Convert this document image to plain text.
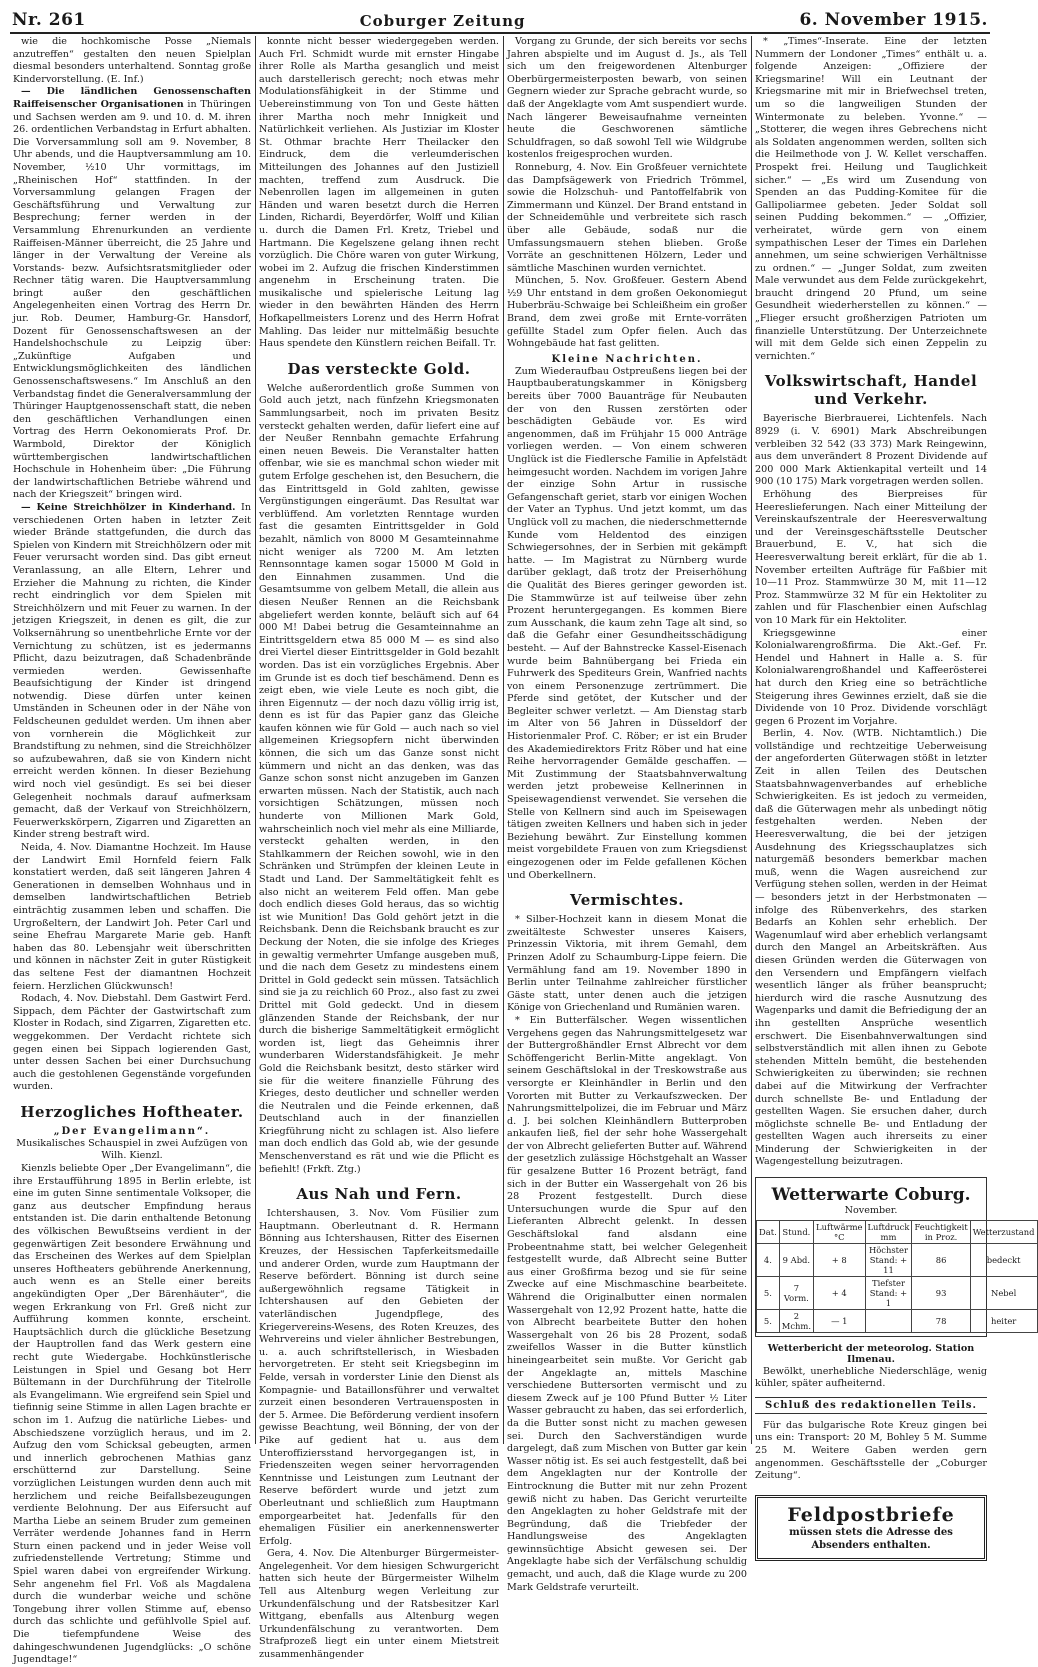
Nr. 261	Coburger Zeitung	6. November 1915.

wie die hochkomische Posse „Niemals anzutreffen“ gestalten den neuen Spielplan diesmal besonders unterhaltend. Sonntag große Kindervorstellung. (E. Inf.)

— Die ländlichen Genossenschaften Raiffeisenscher Organisationen in Thüringen und Sachsen werden am 9. und 10. d. M. ihren 26. ordentlichen Verbandstag in Erfurt abhalten. Die Vorversammlung soll am 9. November, 8 Uhr abends, und die Hauptversammlung am 10. November, ½10 Uhr vormittags, im „Rheinischen Hof“ stattfinden. In der Vorversammlung gelangen Fragen der Geschäftsführung und Verwaltung zur Besprechung; ferner werden in der Versammlung Ehrenurkunden an verdiente Raiffeisen-Männer überreicht, die 25 Jahre und länger in der Verwaltung der Vereine als Vorstands- bezw. Aufsichtsratsmitglieder oder Rechner tätig waren. Die Hauptversammlung bringt außer den geschäftlichen Angelegenheiten einen Vortrag des Herrn Dr. jur. Rob. Deumer, Hamburg-Gr. Hansdorf, Dozent für Genossenschaftswesen an der Handelshochschule zu Leipzig über: „Zukünftige Aufgaben und Entwicklungsmöglichkeiten des ländlichen Genossenschaftswesens.“ Im Anschluß an den Verbandstag findet die Generalversammlung der Thüringer Hauptgenossenschaft statt, die neben den geschäftlichen Verhandlungen einen Vortrag des Herrn Oekonomierats Prof. Dr. Warmbold, Direktor der Königlich württembergischen landwirtschaftlichen Hochschule in Hohenheim über: „Die Führung der landwirtschaftlichen Betriebe während und nach der Kriegszeit“ bringen wird.

— Keine Streichhölzer in Kinderhand. In verschiedenen Orten haben in letzter Zeit wieder Brände stattgefunden, die durch das Spielen von Kindern mit Streichhölzern oder mit Feuer verursacht worden sind. Das gibt erneut Veranlassung, an alle Eltern, Lehrer und Erzieher die Mahnung zu richten, die Kinder recht eindringlich vor dem Spielen mit Streichhölzern und mit Feuer zu warnen. In der jetzigen Kriegszeit, in denen es gilt, die zur Volksernährung so unentbehrliche Ernte vor der Vernichtung zu schützen, ist es jedermanns Pflicht, dazu beizutragen, daß Schadenbrände vermieden werden. Gewissenhafte Beaufsichtigung der Kinder ist dringend notwendig. Diese dürfen unter keinen Umständen in Scheunen oder in der Nähe von Feldscheunen geduldet werden. Um ihnen aber von vornherein die Möglichkeit zur Brandstiftung zu nehmen, sind die Streichhölzer so aufzubewahren, daß sie von Kindern nicht erreicht werden können. In dieser Beziehung wird noch viel gesündigt. Es sei bei dieser Gelegenheit nochmals darauf aufmerksam gemacht, daß der Verkauf von Streichhölzern, Feuerwerkskörpern, Zigarren und Zigaretten an Kinder streng bestraft wird.

Neida, 4. Nov. Diamantne Hochzeit. Im Hause der Landwirt Emil Hornfeld feiern Falk konstatiert werden, daß seit längeren Jahren 4 Generationen in demselben Wohnhaus und in demselben landwirtschaftlichen Betrieb einträchtig zusammen leben und schaffen. Die Urgroßeltern, der Landwirt Joh. Peter Carl und seine Ehefrau Margarete Marie geb. Hanft haben das 80. Lebensjahr weit überschritten und können in nächster Zeit in guter Rüstigkeit das seltene Fest der diamantnen Hochzeit feiern. Herzlichen Glückwunsch!

Rodach, 4. Nov. Diebstahl. Dem Gastwirt Ferd. Sippach, dem Pächter der Gastwirtschaft zum Kloster in Rodach, sind Zigarren, Zigaretten etc. weggekommen. Der Verdacht richtete sich gegen einen bei Sippach logierenden Gast, unter dessen Sachen bei einer Durchsuchung auch die gestohlenen Gegenstände vorgefunden wurden.

Herzogliches Hoftheater.
„Der Evangelimann“.
Musikalisches Schauspiel in zwei Aufzügen von Wilh. Kienzl.

Kienzls beliebte Oper „Der Evangelimann“, die ihre Erstaufführung 1895 in Berlin erlebte, ist eine im guten Sinne sentimentale Volksoper, die ganz aus deutscher Empfindung heraus entstanden ist. Die darin enthaltende Betonung des völkischen Bewußtseins verdient in der gegenwärtigen Zeit besondere Erwähnung und das Erscheinen des Werkes auf dem Spielplan unseres Hoftheaters gebührende Anerkennung, auch wenn es an Stelle einer bereits angekündigten Oper „Der Bärenhäuter“, die wegen Erkrankung von Frl. Greß nicht zur Aufführung kommen konnte, erscheint. Hauptsächlich durch die glückliche Besetzung der Hauptrollen fand das Werk gestern eine recht gute Wiedergabe. Hochkünstlerische Leistungen in Spiel und Gesang bot Herr Bültemann in der Durchführung der Titelrolle als Evangelimann. Wie ergreifend sein Spiel und tiefinnig seine Stimme in allen Lagen brachte er schon im 1. Aufzug die natürliche Liebes- und Abschiedszene vorzüglich heraus, und im 2. Aufzug den vom Schicksal gebeugten, armen und innerlich gebrochenen Mathias ganz erschütternd zur Darstellung. Seine vorzüglichen Leistungen wurden denn auch mit herzlichem und reiche Beifallsbezeugungen verdiente Belohnung. Der aus Eifersucht auf Martha Liebe an seinem Bruder zum gemeinen Verräter werdende Johannes fand in Herrn Sturn einen packend und in jeder Weise voll zufriedenstellende Vertretung; Stimme und Spiel waren dabei von ergreifender Wirkung. Sehr angenehm fiel Frl. Voß als Magdalena durch die wunderbar weiche und schöne Tongebung ihrer vollen Stimme auf, ebenso durch das schlichte und gefühlvolle Spiel auf. Die tiefempfundene Weise des dahingeschwundenen Jugendglücks: „O schöne Jugendtage!“

konnte nicht besser wiedergegeben werden. Auch Frl. Schmidt wurde mit ernster Hingabe ihrer Rolle als Martha gesanglich und meist auch darstellerisch gerecht; noch etwas mehr Modulationsfähigkeit in der Stimme und Uebereinstimmung von Ton und Geste hätten ihrer Martha noch mehr Innigkeit und Natürlichkeit verliehen. Als Justiziar im Kloster St. Othmar brachte Herr Theilacker den Eindruck, dem die verleumderischen Mitteilungen des Johannes auf den Justiziell machten, treffend zum Ausdruck. Die Nebenrollen lagen im allgemeinen in guten Händen und waren besetzt durch die Herren Linden, Richardi, Beyerdörfer, Wolff und Kilian u. durch die Damen Frl. Kretz, Triebel und Hartmann. Die Kegelszene gelang ihnen recht vorzüglich. Die Chöre waren von guter Wirkung, wobei im 2. Aufzug die frischen Kinderstimmen angenehm in Erscheinung traten. Die musikalische und spielerische Leitung lag wieder in den bewährten Händen des Herrn Hofkapellmeisters Lorenz und des Herrn Hofrat Mahling. Das leider nur mittelmäßig besuchte Haus spendete den Künstlern reichen Beifall. Tr.

Das versteckte Gold.

Welche außerordentlich große Summen von Gold auch jetzt, nach fünfzehn Kriegsmonaten Sammlungsarbeit, noch im privaten Besitz versteckt gehalten werden, dafür liefert eine auf der Neußer Rennbahn gemachte Erfahrung einen neuen Beweis. Die Veranstalter hatten offenbar, wie sie es manchmal schon wieder mit gutem Erfolge geschehen ist, den Besuchern, die das Eintrittsgeld in Gold zahlten, gewisse Vergünstigungen eingeräumt. Das Resultat war verblüffend. Am vorletzten Renntage wurden fast die gesamten Eintrittsgelder in Gold bezahlt, nämlich von 8000 M Gesamteinnahme nicht weniger als 7200 M. Am letzten Rennsonntage kamen sogar 15000 M Gold in den Einnahmen zusammen. Und die Gesamtsumme von gelbem Metall, die allein aus diesen Neußer Rennen an die Reichsbank abgeliefert werden konnte, beläuft sich auf 64 000 M! Dabei betrug die Gesamteinnahme an Eintrittsgeldern etwa 85 000 M — es sind also drei Viertel dieser Eintrittsgelder in Gold bezahlt worden. Das ist ein vorzügliches Ergebnis. Aber im Grunde ist es doch tief beschämend. Denn es zeigt eben, wie viele Leute es noch gibt, die ihren Eigennutz — der noch dazu völlig irrig ist, denn es ist für das Papier ganz das Gleiche kaufen können wie für Gold — auch nach so viel allgemeinen Kriegsopfern nicht überwinden können, die sich um das Ganze sonst nicht kümmern und nicht an das denken, was das Ganze schon sonst nicht anzugeben im Ganzen erwarten müssen. Nach der Statistik, auch nach vorsichtigen Schätzungen, müssen noch hunderte von Millionen Mark Gold, wahrscheinlich noch viel mehr als eine Milliarde, versteckt gehalten werden, in den Stahlkammern der Reichen sowohl, wie in den Schränken und Strümpfen der kleinen Leute in Stadt und Land. Der Sammeltätigkeit fehlt es also nicht an weiterem Feld offen. Man gebe doch endlich dieses Gold heraus, das so wichtig ist wie Munition! Das Gold gehört jetzt in die Reichsbank. Denn die Reichsbank braucht es zur Deckung der Noten, die sie infolge des Krieges in gewaltig vermehrter Umfange ausgeben muß, und die nach dem Gesetz zu mindestens einem Drittel in Gold gedeckt sein müssen. Tatsächlich sind sie ja zu reichlich 60 Proz., also fast zu zwei Drittel mit Gold gedeckt. Und in diesem glänzenden Stande der Reichsbank, der nur durch die bisherige Sammeltätigkeit ermöglicht worden ist, liegt das Geheimnis ihrer wunderbaren Widerstandsfähigkeit. Je mehr Gold die Reichsbank besitzt, desto stärker wird sie für die weitere finanzielle Führung des Krieges, desto deutlicher und schneller werden die Neutralen und die Feinde erkennen, daß Deutschland auch in der finanziellen Kriegführung nicht zu schlagen ist. Also liefere man doch endlich das Gold ab, wie der gesunde Menschenverstand es rät und wie die Pflicht es befiehlt! (Frkft. Ztg.)

Aus Nah und Fern.

Ichtershausen, 3. Nov. Vom Füsilier zum Hauptmann. Oberleutnant d. R. Hermann Bönning aus Ichtershausen, Ritter des Eisernen Kreuzes, der Hessischen Tapferkeitsmedaille und anderer Orden, wurde zum Hauptmann der Reserve befördert. Bönning ist durch seine außergewöhnlich regsame Tätigkeit in Ichtershausen auf den Gebieten der vaterländischen Jugendpflege, des Kriegervereins-Wesens, des Roten Kreuzes, des Wehrvereins und vieler ähnlicher Bestrebungen, u. a. auch schriftstellerisch, in Wiesbaden hervorgetreten. Er steht seit Kriegsbeginn im Felde, versah in vorderster Linie den Dienst als Kompagnie- und Bataillonsführer und verwaltet zurzeit einen besonderen Vertrauensposten in der 5. Armee. Die Beförderung verdient insofern gewisse Beachtung, weil Bönning, der von der Pike auf gedient hat u. aus dem Unteroffiziersstand hervorgegangen ist, in Friedenszeiten wegen seiner hervorragenden Kenntnisse und Leistungen zum Leutnant der Reserve befördert wurde und jetzt zum Oberleutnant und schließlich zum Hauptmann emporgearbeitet hat. Jedenfalls für den ehemaligen Füsilier ein anerkennenswerter Erfolg.

Gera, 4. Nov. Die Altenburger Bürgermeister-Angelegenheit. Vor dem hiesigen Schwurgericht hatten sich heute der Bürgermeister Wilhelm Tell aus Altenburg wegen Verleitung zur Urkundenfälschung und der Ratsbesitzer Karl Wittgang, ebenfalls aus Altenburg wegen Urkundenfälschung zu verantworten. Dem Strafprozeß liegt ein unter einem Mietstreit zusammenhängender

Vorgang zu Grunde, der sich bereits vor sechs Jahren abspielte und im August d. Js., als Tell sich um den freigewordenen Altenburger Oberbürgermeisterposten bewarb, von seinen Gegnern wieder zur Sprache gebracht wurde, so daß der Angeklagte vom Amt suspendiert wurde. Nach längerer Beweisaufnahme verneinten heute die Geschworenen sämtliche Schuldfragen, so daß sowohl Tell wie Wildgrube kostenlos freigesprochen wurden.

Ronneburg, 4. Nov. Ein Großfeuer vernichtete das Dampfsägewerk von Friedrich Trömmel, sowie die Holzschuh- und Pantoffelfabrik von Zimmermann und Künzel. Der Brand entstand in der Schneidemühle und verbreitete sich rasch über alle Gebäude, sodaß nur die Umfassungsmauern stehen blieben. Große Vorräte an geschnittenen Hölzern, Leder und sämtliche Maschinen wurden vernichtet.

München, 5. Nov. Großfeuer. Gestern Abend ½9 Uhr entstand in dem großen Oekonomiegut Huberbräu-Schwaige bei Schleißheim ein großer Brand, dem zwei große mit Ernte-vorräten gefüllte Stadel zum Opfer fielen. Auch das Wohngebäude hat fast gelitten.

Kleine Nachrichten.

Zum Wiederaufbau Ostpreußens liegen bei der Hauptbauberatungskammer in Königsberg bereits über 7000 Bauanträge für Neubauten der von den Russen zerstörten oder beschädigten Gebäude vor. Es wird angenommen, daß im Frühjahr 15 000 Anträge vorliegen werden. — Von einem schweren Unglück ist die Fiedlersche Familie in Apfelstädt heimgesucht worden. Nachdem im vorigen Jahre der einzige Sohn Artur in russische Gefangenschaft geriet, starb vor einigen Wochen der Vater an Typhus. Und jetzt kommt, um das Unglück voll zu machen, die niederschmetternde Kunde vom Heldentod des einzigen Schwiegersohnes, der in Serbien mit gekämpft hatte. — Im Magistrat zu Nürnberg wurde darüber geklagt, daß trotz der Preiserhöhung die Qualität des Bieres geringer geworden ist. Die Stammwürze ist auf teilweise über zehn Prozent heruntergegangen. Es kommen Biere zum Ausschank, die kaum zehn Tage alt sind, so daß die Gefahr einer Gesundheitsschädigung besteht. — Auf der Bahnstrecke Kassel-Eisenach wurde beim Bahnübergang bei Frieda ein Fuhrwerk des Spediteurs Grein, Wanfried nachts von einem Personenzuge zertrümmert. Die Pferde sind getötet, der Kutscher und der Begleiter schwer verletzt. — Am Dienstag starb im Alter von 56 Jahren in Düsseldorf der Historienmaler Prof. C. Röber; er ist ein Bruder des Akademiedirektors Fritz Röber und hat eine Reihe hervorragender Gemälde geschaffen. — Mit Zustimmung der Staatsbahnverwaltung werden jetzt probeweise Kellnerinnen in Speisewagendienst verwendet. Sie versehen die Stelle von Kellnern sind auch im Speisewagen tätigen zweiten Kellners und haben sich in jeder Beziehung bewährt. Zur Einstellung kommen meist vorgebildete Frauen von zum Kriegsdienst eingezogenen oder im Felde gefallenen Köchen und Oberkellnern.

Vermischtes.

* Silber-Hochzeit kann in diesem Monat die zweitälteste Schwester unseres Kaisers, Prinzessin Viktoria, mit ihrem Gemahl, dem Prinzen Adolf zu Schaumburg-Lippe feiern. Die Vermählung fand am 19. November 1890 in Berlin unter Teilnahme zahlreicher fürstlicher Gäste statt, unter denen auch die jetzigen Könige von Griechenland und Rumänien waren.

* Ein Butterfälscher. Wegen wissentlichen Vergehens gegen das Nahrungsmittelgesetz war der Buttergroßhändler Ernst Albrecht vor dem Schöffengericht Berlin-Mitte angeklagt. Von seinem Geschäftslokal in der Treskowstraße aus versorgte er Kleinhändler in Berlin und den Vororten mit Butter zu Verkaufszwecken. Der Nahrungsmittelpolizei, die im Februar und März d. J. bei solchen Kleinhändlern Butterproben ankaufen ließ, fiel der sehr hohe Wassergehalt der von Albrecht gelieferten Butter auf. Während der gesetzlich zulässige Höchstgehalt an Wasser für gesalzene Butter 16 Prozent beträgt, fand sich in der Butter ein Wassergehalt von 26 bis 28 Prozent festgestellt. Durch diese Untersuchungen wurde die Spur auf den Lieferanten Albrecht gelenkt. In dessen Geschäftslokal fand alsdann eine Probeentnahme statt, bei welcher Gelegenheit festgestellt wurde, daß Albrecht seine Butter aus einer Großfirma bezog und sie für seine Zwecke auf eine Mischmaschine bearbeitete. Während die Originalbutter einen normalen Wassergehalt von 12,92 Prozent hatte, hatte die von Albrecht bearbeitete Butter den hohen Wassergehalt von 26 bis 28 Prozent, sodaß zweifellos Wasser in die Butter künstlich hineingearbeitet sein mußte. Vor Gericht gab der Angeklagte an, mittels Maschine verschiedene Buttersorten vermischt und zu diesem Zweck auf je 100 Pfund Butter ½ Liter Wasser gebraucht zu haben, das sei erforderlich, da die Butter sonst nicht zu machen gewesen sei. Durch den Sachverständigen wurde dargelegt, daß zum Mischen von Butter gar kein Wasser nötig ist. Es sei auch festgestellt, daß bei dem Angeklagten nur der Kontrolle der Eintrocknung die Butter mit nur zehn Prozent gewiß nicht zu haben. Das Gericht verurteilte den Angeklagten zu hoher Geldstrafe mit der Begründung, daß die Triebfeder der Handlungsweise des Angeklagten gewinnsüchtige Absicht gewesen sei. Der Angeklagte habe sich der Verfälschung schuldig gemacht, und auch, daß die Klage wurde zu 200 Mark Geldstrafe verurteilt.

* „Times“-Inserate. Eine der letzten Nummern der Londoner „Times“ enthält u. a. folgende Anzeigen: „Offiziere der Kriegsmarine! Will ein Leutnant der Kriegsmarine mit mir in Briefwechsel treten, um so die langweiligen Stunden der Wintermonate zu beleben. Yvonne.“ — „Stotterer, die wegen ihres Gebrechens nicht als Soldaten angenommen werden, sollten sich die Heilmethode von J. W. Kellet verschaffen. Prospekt frei. Heilung und Tauglichkeit sicher.“ — „Es wird um Zusendung von Spenden an das Pudding-Komitee für die Gallipoliarmee gebeten. Jeder Soldat soll seinen Pudding bekommen.“ — „Offizier, verheiratet, würde gern von einem sympathischen Leser der Times ein Darlehen annehmen, um seine schwierigen Verhältnisse zu ordnen.“ — „Junger Soldat, zum zweiten Male verwundet aus dem Felde zurückgekehrt, braucht dringend 20 Pfund, um seine Gesundheit wiederherstellen zu können.“ — „Flieger ersucht großherzigen Patrioten um finanzielle Unterstützung. Der Unterzeichnete will mit dem Gelde sich einen Zeppelin zu vernichten.“

Volkswirtschaft, Handel und Verkehr.

Bayerische Bierbrauerei, Lichtenfels. Nach 8929 (i. V. 6901) Mark Abschreibungen verbleiben 32 542 (33 373) Mark Reingewinn, aus dem unverändert 8 Prozent Dividende auf 200 000 Mark Aktienkapital verteilt und 14 900 (10 175) Mark vorgetragen werden sollen.

Erhöhung des Bierpreises für Heereslieferungen. Nach einer Mitteilung der Vereinskaufszentrale der Heeresverwaltung und der Vereinsgeschäftsstelle Deutscher Brauerbund, E. V., hat sich die Heeresverwaltung bereit erklärt, für die ab 1. November erteilten Aufträge für Faßbier mit 10—11 Proz. Stammwürze 30 M, mit 11—12 Proz. Stammwürze 32 M für ein Hektoliter zu zahlen und für Flaschenbier einen Aufschlag von 10 Mark für ein Hektoliter.

Kriegsgewinne einer Kolonialwarengroßfirma. Die Akt.-Gef. Fr. Hendel und Hahnert in Halle a. S. für Kolonialwarengroßhandel und Kaffeerösterei hat durch den Krieg eine so beträchtliche Steigerung ihres Gewinnes erzielt, daß sie die Dividende von 10 Proz. Dividende vorschlägt gegen 6 Prozent im Vorjahre.

Berlin, 4. Nov. (WTB. Nichtamtlich.) Die vollständige und rechtzeitige Ueberweisung der angeforderten Güterwagen stößt in letzter Zeit in allen Teilen des Deutschen Staatsbahnwagenverbandes auf erhebliche Schwierigkeiten. Es ist jedoch zu vermeiden, daß die Güterwagen mehr als unbedingt nötig festgehalten werden. Neben der Heeresverwaltung, die bei der jetzigen Ausdehnung des Kriegsschauplatzes sich naturgemäß besonders bemerkbar machen muß, wenn die Wagen ausreichend zur Verfügung stehen sollen, werden in der Heimat — besonders jetzt in der Herbstmonaten — infolge des Rübenverkehrs, des starken Bedarfs an Kohlen sehr erheblich. Der Wagenumlauf wird aber erheblich verlangsamt durch den Mangel an Arbeitskräften. Aus diesen Gründen werden die Güterwagen von den Versendern und Empfängern vielfach wesentlich länger als früher beansprucht; hierdurch wird die rasche Ausnutzung des Wagenparks und damit die Befriedigung der an ihn gestellten Ansprüche wesentlich erschwert. Die Eisenbahnverwaltungen sind selbstverständlich mit allen ihnen zu Gebote stehenden Mitteln bemüht, die bestehenden Schwierigkeiten zu überwinden; sie rechnen dabei auf die Mitwirkung der Verfrachter durch schnellste Be- und Entladung der gestellten Wagen. Sie ersuchen daher, durch möglichste schnelle Be- und Entladung der gestellten Wagen auch ihrerseits zu einer Minderung der Schwierigkeiten in der Wagengestellung beizutragen.

Wetterwarte Coburg.
November.
Dat.	Stund.	Luftwärme °C	Luftdruck mm	Feuchtigkeit in Proz.	Wetterzustand
4.	9 Abd.	+ 8	Höchster Stand: + 11	86	bedeckt
5.	7 Vorm.	+ 4	Tiefster Stand: + 1	93	Nebel
5.	2 Mchm.	— 1		78	heiter
Wetterbericht der meteorolog. Station Ilmenau.

Bewölkt, unerhebliche Niederschläge, wenig kühler, später aufheiternd.

Schluß des redaktionellen Teils.

Für das bulgarische Rote Kreuz gingen bei uns ein: Transport: 20 M, Bohley 5 M. Summe 25 M. Weitere Gaben werden gern angenommen. Geschäftsstelle der „Coburger Zeitung“.

Feldpostbriefe
müssen stets die Adresse des Absenders enthalten.
